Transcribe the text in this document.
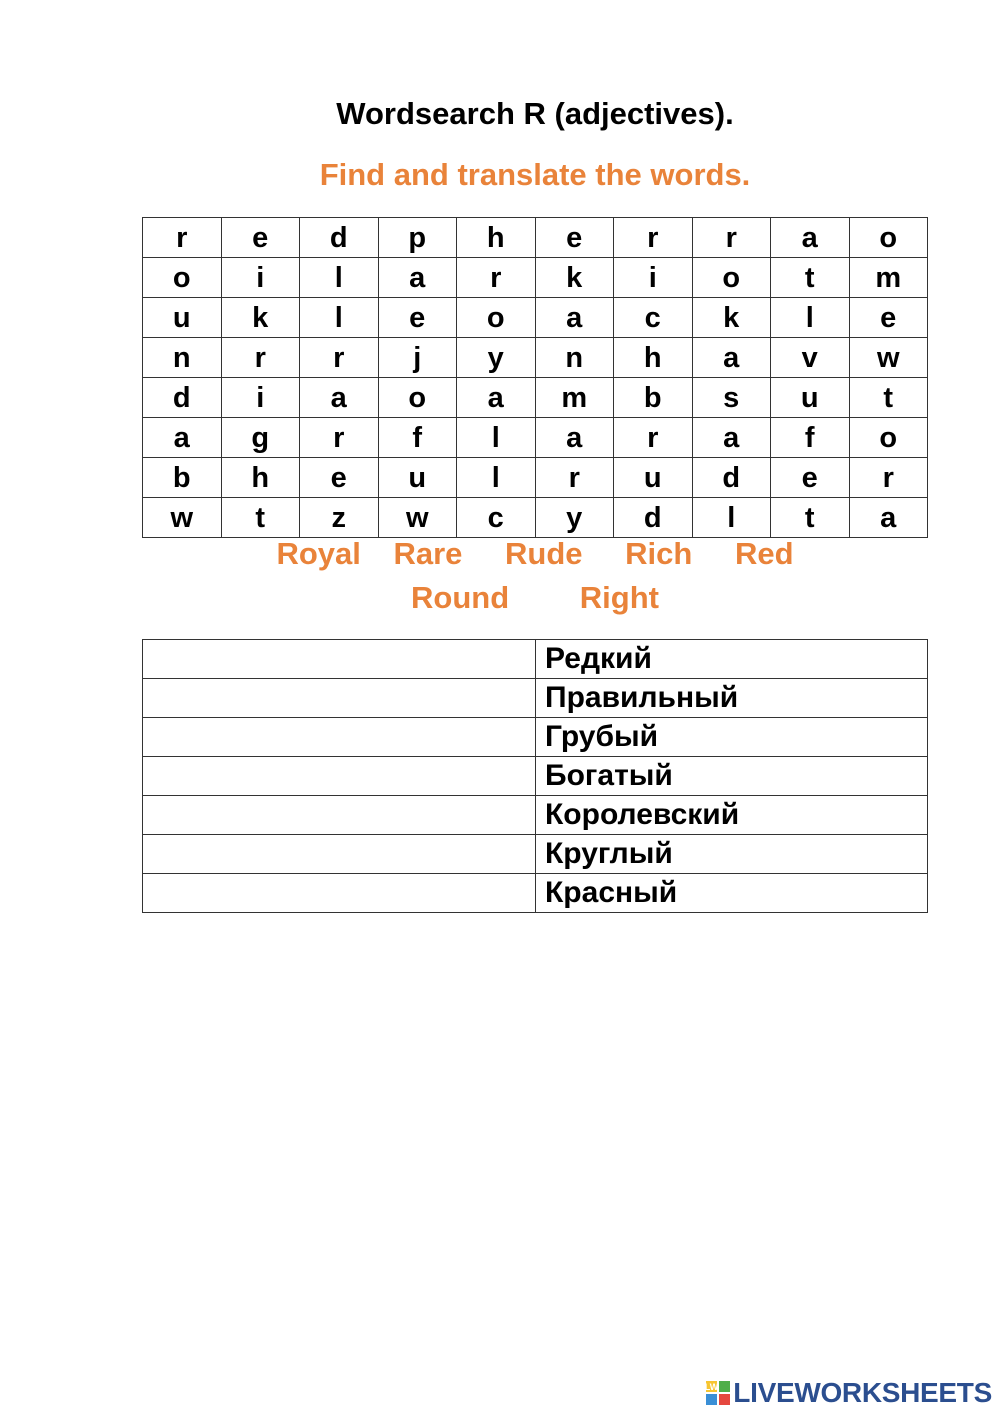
Wordsearch R (adjectives).
Find and translate the words.
r	e	d	p	h	e	r	r	a	o
o	i	l	a	r	k	i	o	t	m
u	k	l	e	o	a	c	k	l	e
n	r	r	j	y	n	h	a	v	w
d	i	a	o	a	m	b	s	u	t
a	g	r	f	l	a	r	a	f	o
b	h	e	u	l	r	u	d	e	r
w	t	z	w	c	y	d	l	t	a
Royal Rare Rude Rich Red
Round Right
	Редкий
	Правильный
	Грубый
	Богатый
	Королевский
	Круглый
	Красный
LW LIVEWORKSHEETS
